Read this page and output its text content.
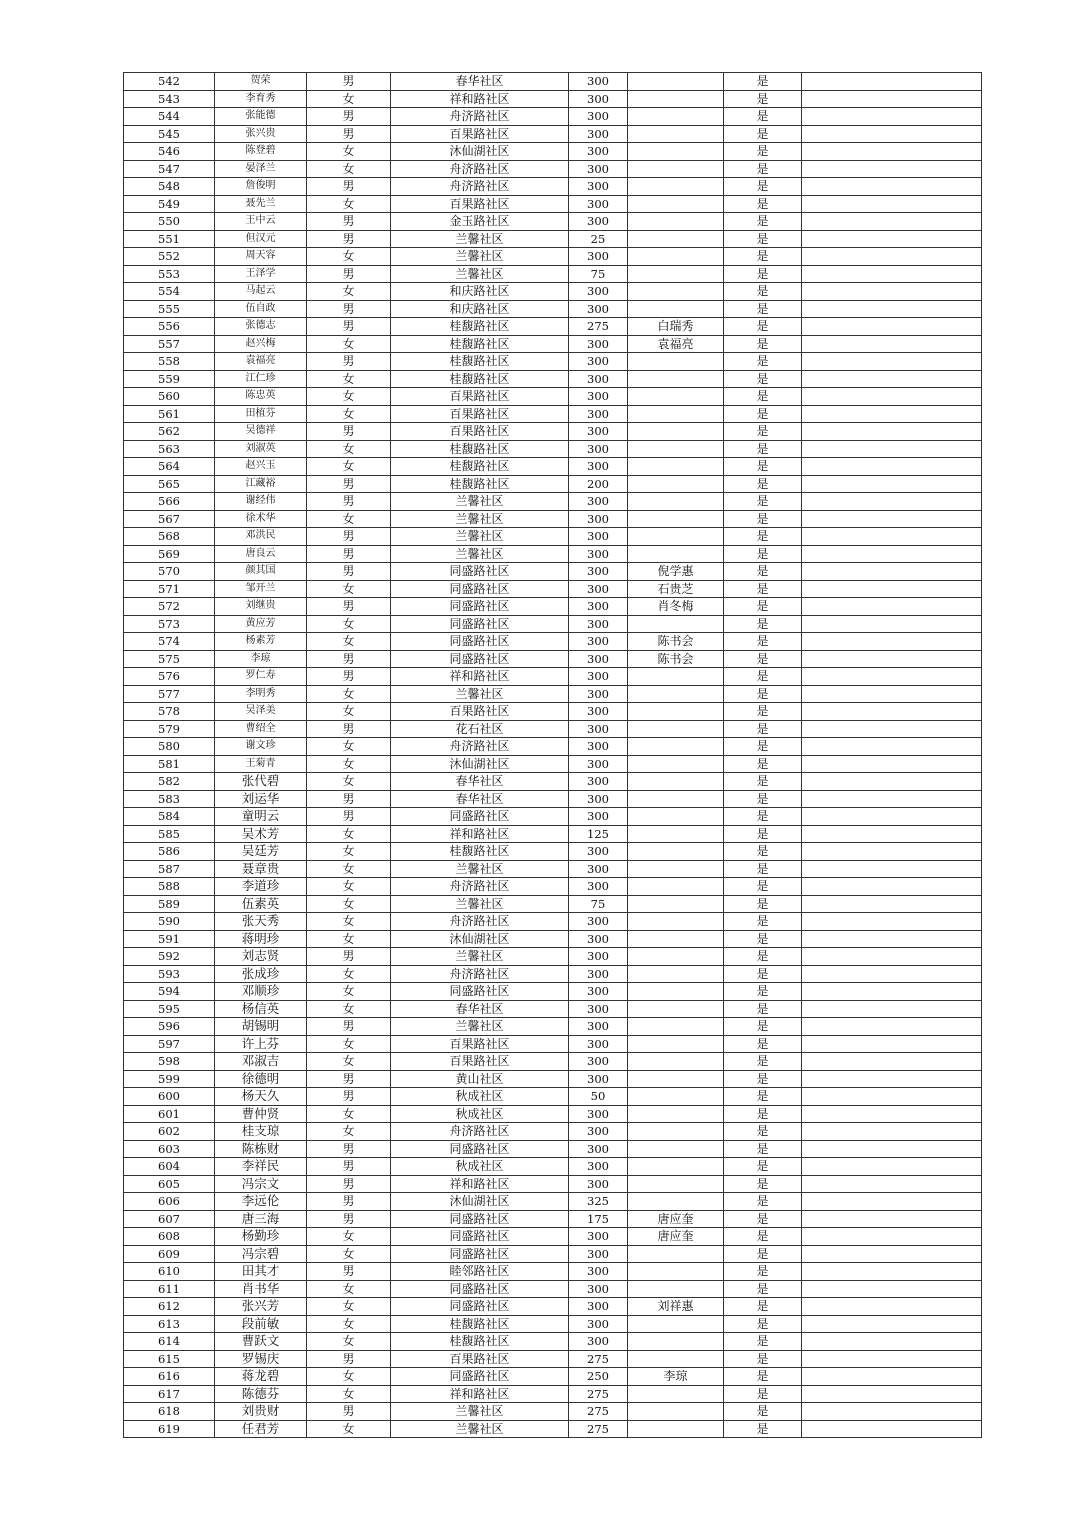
542	贺荣	男	春华社区	300		是	
543	李育秀	女	祥和路社区	300		是	
544	张能德	男	舟济路社区	300		是	
545	张兴贵	男	百果路社区	300		是	
546	陈登碧	女	沐仙湖社区	300		是	
547	晏泽兰	女	舟济路社区	300		是	
548	詹俊明	男	舟济路社区	300		是	
549	聂先兰	女	百果路社区	300		是	
550	王中云	男	金玉路社区	300		是	
551	但汉元	男	兰馨社区	25		是	
552	周天容	女	兰馨社区	300		是	
553	王泽学	男	兰馨社区	75		是	
554	马起云	女	和庆路社区	300		是	
555	伍自政	男	和庆路社区	300		是	
556	张德志	男	桂馥路社区	275	白瑞秀	是	
557	赵兴梅	女	桂馥路社区	300	袁福亮	是	
558	袁福亮	男	桂馥路社区	300		是	
559	江仁珍	女	桂馥路社区	300		是	
560	陈忠英	女	百果路社区	300		是	
561	田植芬	女	百果路社区	300		是	
562	吴德祥	男	百果路社区	300		是	
563	刘淑英	女	桂馥路社区	300		是	
564	赵兴玉	女	桂馥路社区	300		是	
565	江藏裕	男	桂馥路社区	200		是	
566	谢经伟	男	兰馨社区	300		是	
567	徐术华	女	兰馨社区	300		是	
568	邓洪民	男	兰馨社区	300		是	
569	唐良云	男	兰馨社区	300		是	
570	颜其国	男	同盛路社区	300	倪学惠	是	
571	邹开兰	女	同盛路社区	300	石贵芝	是	
572	刘继贵	男	同盛路社区	300	肖冬梅	是	
573	黄应芳	女	同盛路社区	300		是	
574	杨素芳	女	同盛路社区	300	陈书会	是	
575	李琼	男	同盛路社区	300	陈书会	是	
576	罗仁寿	男	祥和路社区	300		是	
577	李明秀	女	兰馨社区	300		是	
578	吴泽美	女	百果路社区	300		是	
579	曹绍全	男	花石社区	300		是	
580	谢文珍	女	舟济路社区	300		是	
581	王菊青	女	沐仙湖社区	300		是	
582	张代碧	女	春华社区	300		是	
583	刘运华	男	春华社区	300		是	
584	童明云	男	同盛路社区	300		是	
585	吴术芳	女	祥和路社区	125		是	
586	吴廷芳	女	桂馥路社区	300		是	
587	聂章贵	女	兰馨社区	300		是	
588	李道珍	女	舟济路社区	300		是	
589	伍素英	女	兰馨社区	75		是	
590	张天秀	女	舟济路社区	300		是	
591	蒋明珍	女	沐仙湖社区	300		是	
592	刘志贤	男	兰馨社区	300		是	
593	张成珍	女	舟济路社区	300		是	
594	邓顺珍	女	同盛路社区	300		是	
595	杨信英	女	春华社区	300		是	
596	胡锡明	男	兰馨社区	300		是	
597	许上芬	女	百果路社区	300		是	
598	邓淑吉	女	百果路社区	300		是	
599	徐德明	男	黄山社区	300		是	
600	杨天久	男	秋成社区	50		是	
601	曹仲贤	女	秋成社区	300		是	
602	桂支琼	女	舟济路社区	300		是	
603	陈栋财	男	同盛路社区	300		是	
604	李祥民	男	秋成社区	300		是	
605	冯宗文	男	祥和路社区	300		是	
606	李远伦	男	沐仙湖社区	325		是	
607	唐三海	男	同盛路社区	175	唐应奎	是	
608	杨勤珍	女	同盛路社区	300	唐应奎	是	
609	冯宗碧	女	同盛路社区	300		是	
610	田其才	男	睦邻路社区	300		是	
611	肖书华	女	同盛路社区	300		是	
612	张兴芳	女	同盛路社区	300	刘祥惠	是	
613	段前敏	女	桂馥路社区	300		是	
614	曹跃文	女	桂馥路社区	300		是	
615	罗锡庆	男	百果路社区	275		是	
616	蒋龙碧	女	同盛路社区	250	李琼	是	
617	陈德芬	女	祥和路社区	275		是	
618	刘贵财	男	兰馨社区	275		是	
619	任君芳	女	兰馨社区	275		是	
